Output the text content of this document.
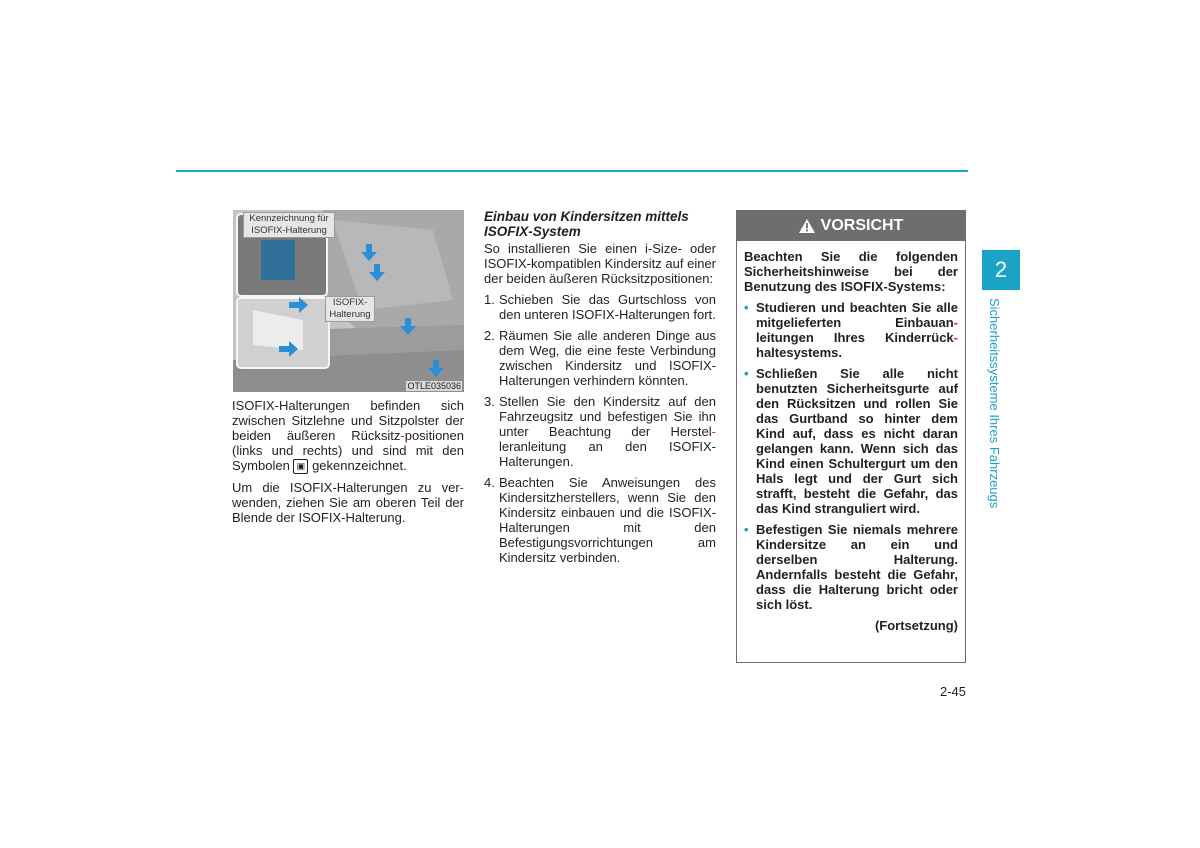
Kennzeichnung für ISOFIX-Halterung
ISOFIX-Halterung
OTLE035036

ISOFIX-Halterungen befinden sich zwischen Sitzlehne und Sitzpolster der beiden äußeren Rücksitz-positionen (links und rechts) und sind mit den Symbolen ▣ gekennzeichnet.

Um die ISOFIX-Halterungen zu ver-wenden, ziehen Sie am oberen Teil der Blende der ISOFIX-Halterung.

Einbau von Kindersitzen mittels ISOFIX-System

So installieren Sie einen i-Size- oder ISOFIX-kompatiblen Kindersitz auf einer der beiden äußeren Rücksitzpositionen:

1. Schieben Sie das Gurtschloss von den unteren ISOFIX-Halterungen fort.
2. Räumen Sie alle anderen Dinge aus dem Weg, die eine feste Verbindung zwischen Kindersitz und ISOFIX-Halterungen verhindern könnten.
3. Stellen Sie den Kindersitz auf den Fahrzeugsitz und befestigen Sie ihn unter Beachtung der Herstel-leranleitung an den ISOFIX-Halterungen.
4. Beachten Sie Anweisungen des Kindersitzherstellers, wenn Sie den Kindersitz einbauen und die ISOFIX-Halterungen mit den Befestigungsvorrichtungen am Kindersitz verbinden.
VORSICHT

Beachten Sie die folgenden Sicherheitshinweise bei der Benutzung des ISOFIX-Systems:

• Studieren und beachten Sie alle mitgelieferten Einbauan-leitungen Ihres Kinderrück-haltesystems.
• Schließen Sie alle nicht benutzten Sicherheitsgurte auf den Rücksitzen und rollen Sie das Gurtband so hinter dem Kind auf, dass es nicht daran gelangen kann. Wenn sich das Kind einen Schultergurt um den Hals legt und der Gurt sich strafft, besteht die Gefahr, das das Kind stranguliert wird.
• Befestigen Sie niemals mehrere Kindersitze an ein und derselben Halterung. Andernfalls besteht die Gefahr, dass die Halterung bricht oder sich löst.
(Fortsetzung)
2
Sicherheitssysteme Ihres Fahrzeugs
2-45
